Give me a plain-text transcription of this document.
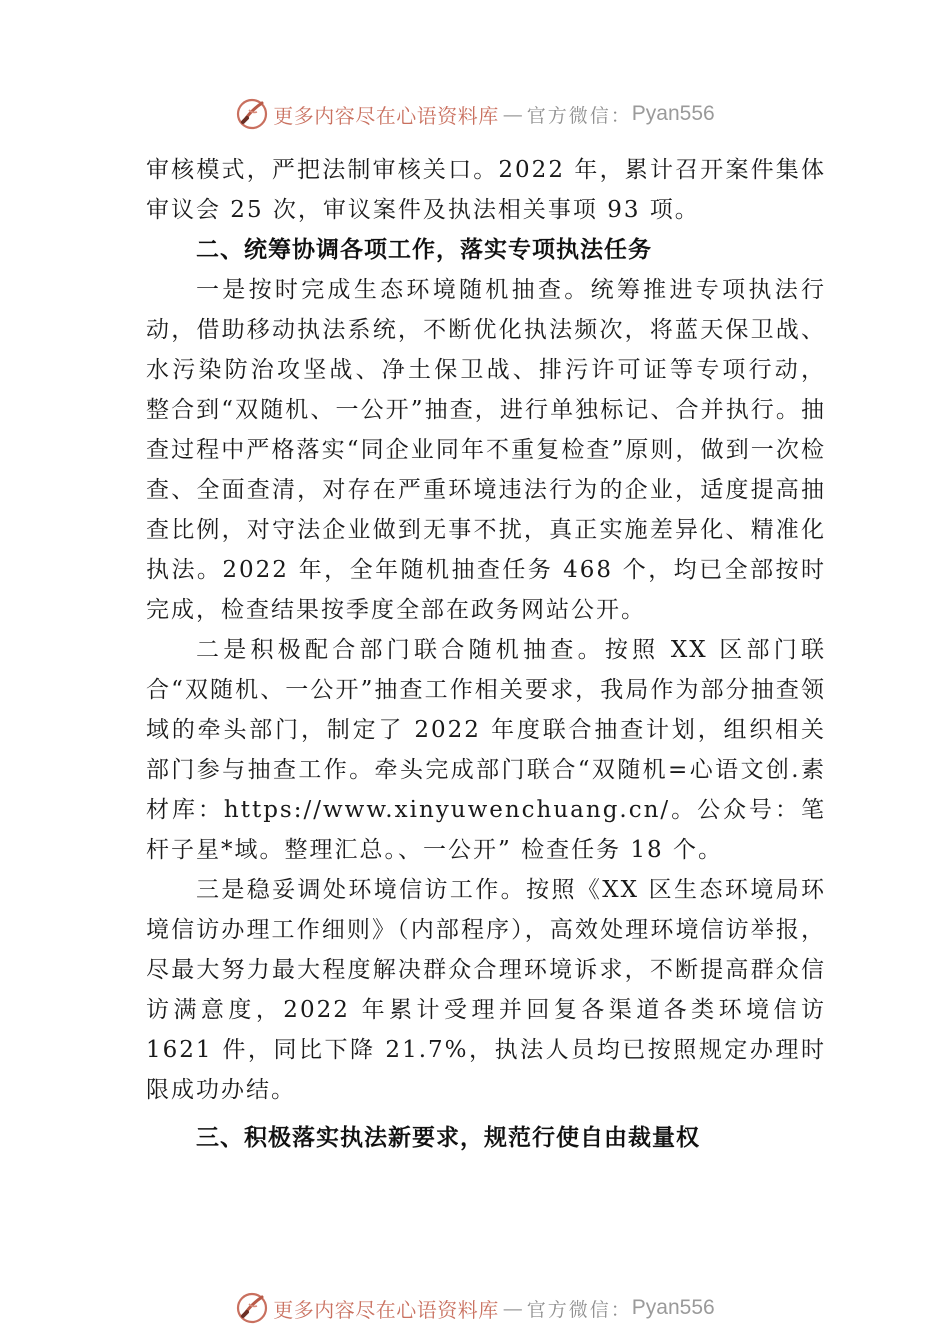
更多内容尽在心语资料库 — 官方微信： Pyan556

审核模式，严把法制审核关口。2022 年，累计召开案件集体审议会 25 次，审议案件及执法相关事项 93 项。

二、统筹协调各项工作，落实专项执法任务

一是按时完成生态环境随机抽查。统筹推进专项执法行动，借助移动执法系统，不断优化执法频次，将蓝天保卫战、水污染防治攻坚战、净土保卫战、排污许可证等专项行动， 整合到“双随机、一公开”抽查，进行单独标记、合并执行。抽查过程中严格落实“同企业同年不重复检查”原则，做到一次检查、全面查清，对存在严重环境违法行为的企业，适度提高抽查比例，对守法企业做到无事不扰，真正实施差异化、精准化执法。2022 年，全年随机抽查任务 468 个，均已全部按时完成，检查结果按季度全部在政务网站公开。

二是积极配合部门联合随机抽查。按照 XX 区部门联合“双随机、一公开”抽查工作相关要求，我局作为部分抽查领域的牵头部门，制定了 2022 年度联合抽查计划，组织相关部门参与抽查工作。牵头完成部门联合“双随机=心语文创.素材库：https://www.xinyuwenchuang.cn/。公众号：笔杆子星*域。整理汇总。、一公开” 检查任务 18 个。

三是稳妥调处环境信访工作。按照《XX 区生态环境局环境信访办理工作细则》（内部程序），高效处理环境信访举报，尽最大努力最大程度解决群众合理环境诉求，不断提高群众信访满意度，2022 年累计受理并回复各渠道各类环境信访 1621 件，同比下降 21.7%，执法人员均已按照规定办理时限成功办结。

三、积极落实执法新要求，规范行使自由裁量权

更多内容尽在心语资料库 — 官方微信： Pyan556
